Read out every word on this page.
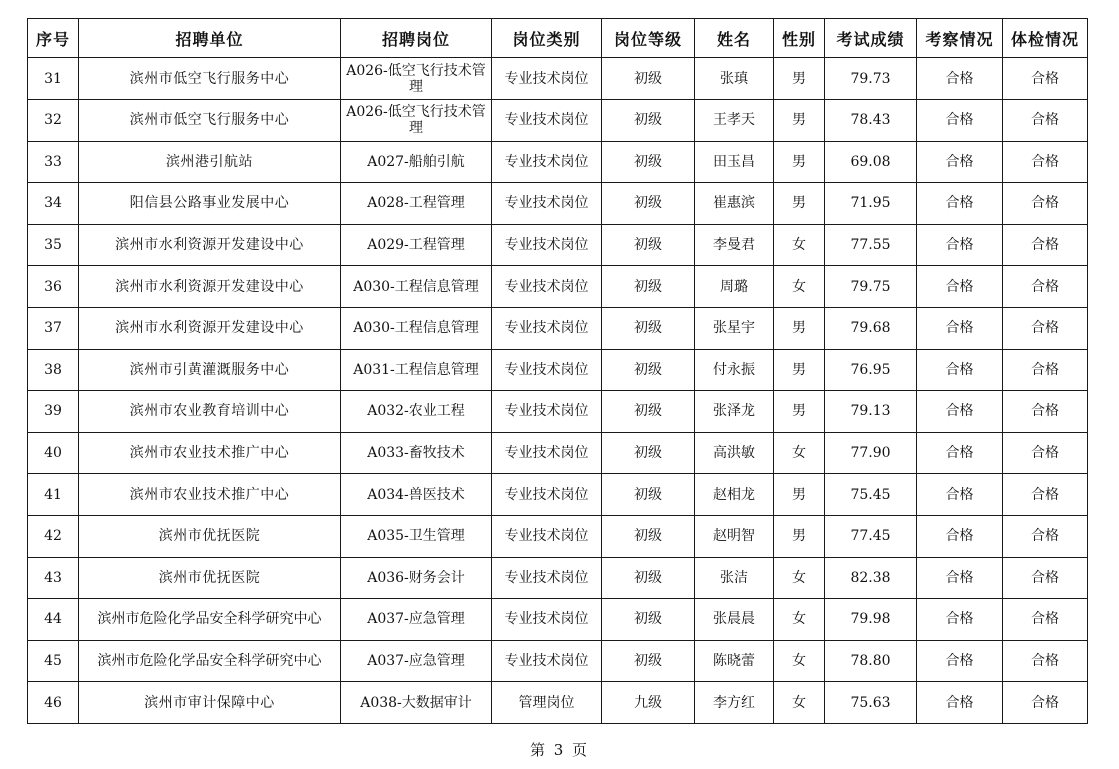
序号	招聘单位	招聘岗位	岗位类别	岗位等级	姓名	性别	考试成绩	考察情况	体检情况
31	滨州市低空飞行服务中心	A026-低空飞行技术管理	专业技术岗位	初级	张瑱	男	79.73	合格	合格
32	滨州市低空飞行服务中心	A026-低空飞行技术管理	专业技术岗位	初级	王孝天	男	78.43	合格	合格
33	滨州港引航站	A027-船舶引航	专业技术岗位	初级	田玉昌	男	69.08	合格	合格
34	阳信县公路事业发展中心	A028-工程管理	专业技术岗位	初级	崔惠滨	男	71.95	合格	合格
35	滨州市水利资源开发建设中心	A029-工程管理	专业技术岗位	初级	李曼君	女	77.55	合格	合格
36	滨州市水利资源开发建设中心	A030-工程信息管理	专业技术岗位	初级	周璐	女	79.75	合格	合格
37	滨州市水利资源开发建设中心	A030-工程信息管理	专业技术岗位	初级	张星宇	男	79.68	合格	合格
38	滨州市引黄灌溉服务中心	A031-工程信息管理	专业技术岗位	初级	付永振	男	76.95	合格	合格
39	滨州市农业教育培训中心	A032-农业工程	专业技术岗位	初级	张泽龙	男	79.13	合格	合格
40	滨州市农业技术推广中心	A033-畜牧技术	专业技术岗位	初级	高洪敏	女	77.90	合格	合格
41	滨州市农业技术推广中心	A034-兽医技术	专业技术岗位	初级	赵相龙	男	75.45	合格	合格
42	滨州市优抚医院	A035-卫生管理	专业技术岗位	初级	赵明智	男	77.45	合格	合格
43	滨州市优抚医院	A036-财务会计	专业技术岗位	初级	张洁	女	82.38	合格	合格
44	滨州市危险化学品安全科学研究中心	A037-应急管理	专业技术岗位	初级	张晨晨	女	79.98	合格	合格
45	滨州市危险化学品安全科学研究中心	A037-应急管理	专业技术岗位	初级	陈晓蕾	女	78.80	合格	合格
46	滨州市审计保障中心	A038-大数据审计	管理岗位	九级	李方红	女	75.63	合格	合格
第 3 页
